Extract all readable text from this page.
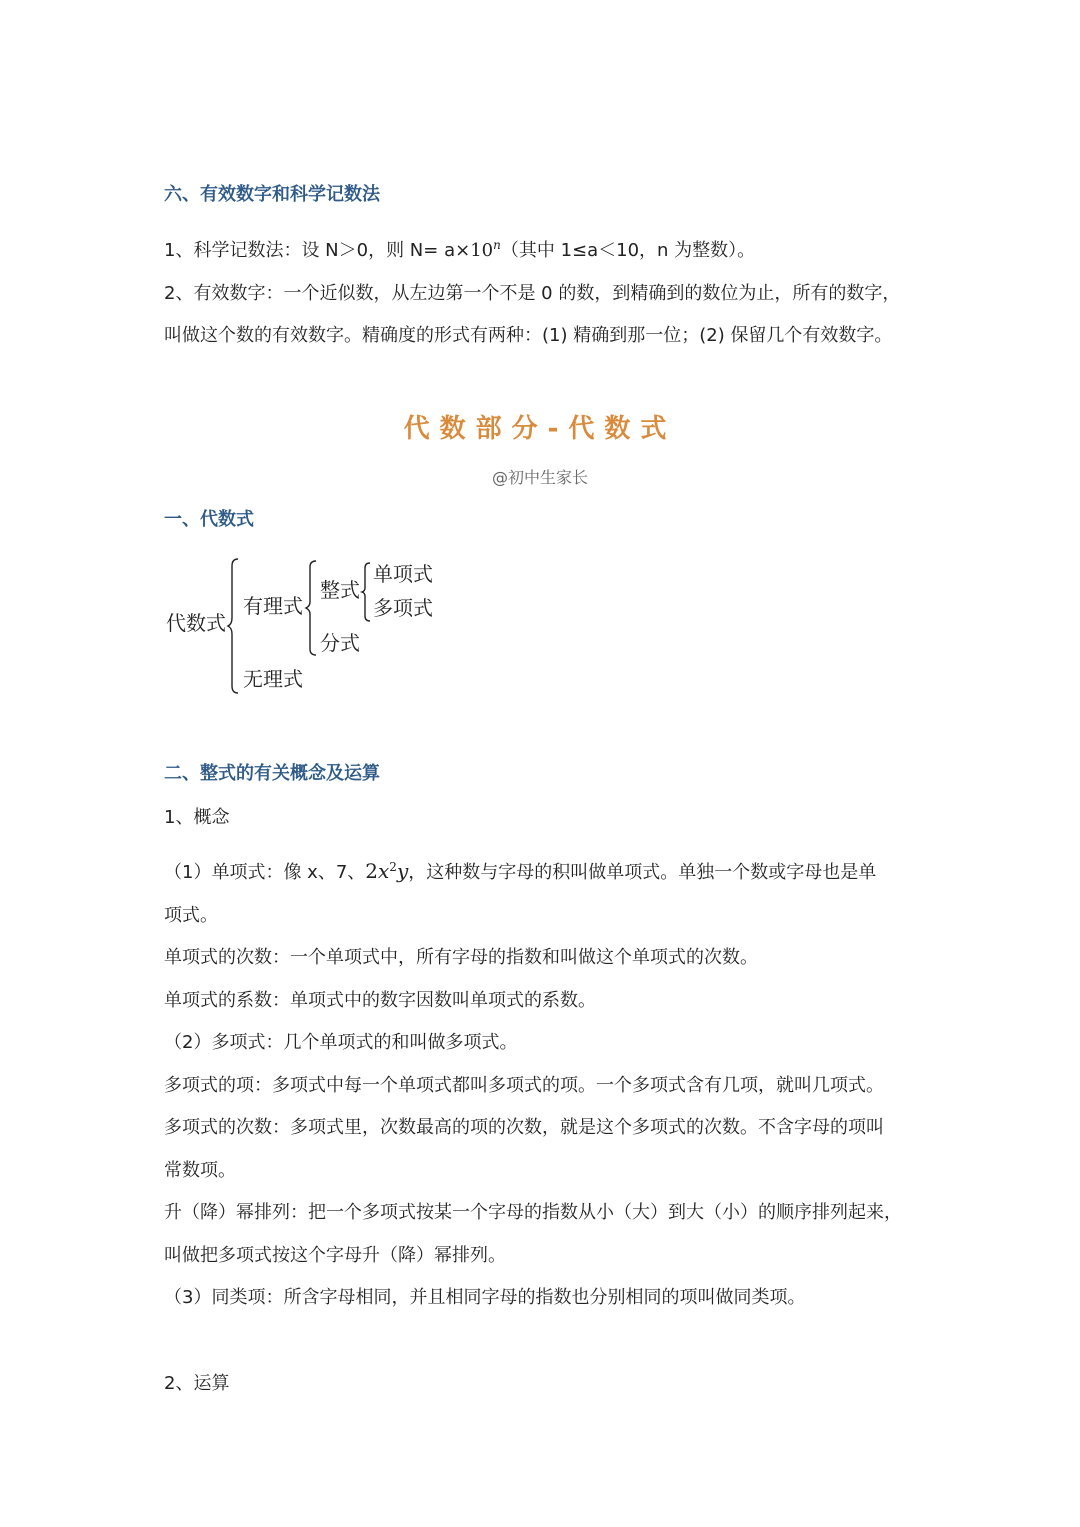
六、有效数字和科学记数法
1、科学记数法：设 N＞0，则 $N= a\times 10^n$（其中 1≤a＜10，n 为整数）。
2、有效数字：一个近似数，从左边第一个不是 0 的数，到精确到的数位为止，所有的数字，
叫做这个数的有效数字。精确度的形式有两种：(1) 精确到那一位；(2) 保留几个有效数字。
代数部分-代数式
@初中生家长
一、代数式
代数式
有理式
整式
单项式
多项式
分式
无理式
二、整式的有关概念及运算
1、概念
（1）单项式：像 x、7、$2x^2y$，这种数与字母的积叫做单项式。单独一个数或字母也是单
项式。
单项式的次数：一个单项式中，所有字母的指数和叫做这个单项式的次数。
单项式的系数：单项式中的数字因数叫单项式的系数。
（2）多项式：几个单项式的和叫做多项式。
多项式的项：多项式中每一个单项式都叫多项式的项。一个多项式含有几项，就叫几项式。
多项式的次数：多项式里，次数最高的项的次数，就是这个多项式的次数。不含字母的项叫
常数项。
升（降）幂排列：把一个多项式按某一个字母的指数从小（大）到大（小）的顺序排列起来，
叫做把多项式按这个字母升（降）幂排列。
（3）同类项：所含字母相同，并且相同字母的指数也分别相同的项叫做同类项。
2、运算
